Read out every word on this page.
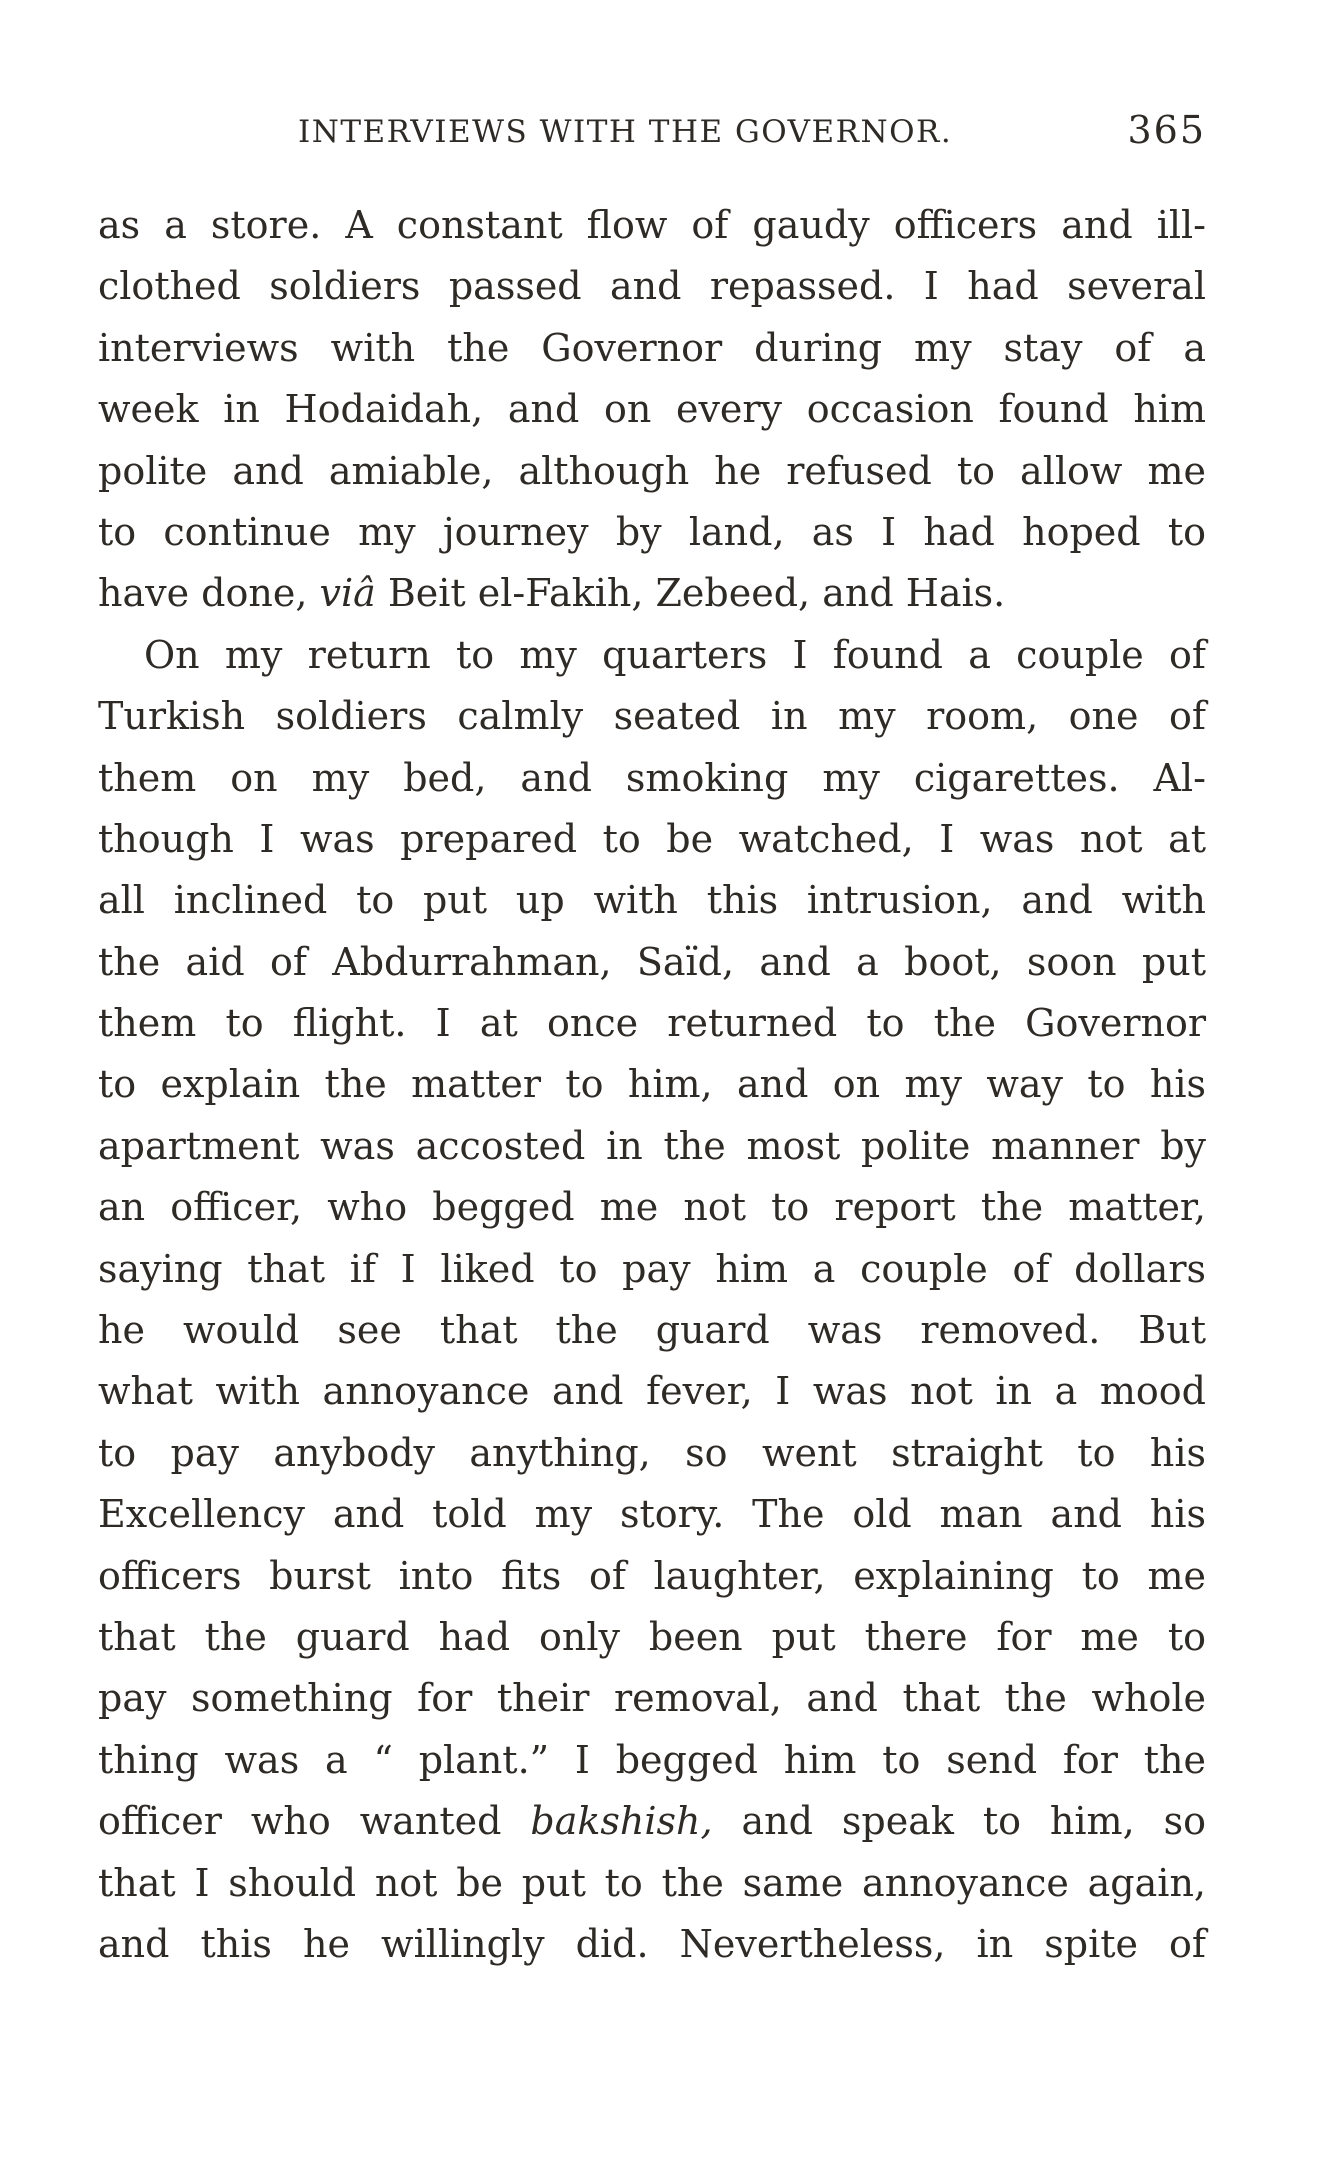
INTERVIEWS WITH THE GOVERNOR.	365
as a store. A constant flow of gaudy officers and ill-
clothed soldiers passed and repassed. I had several
interviews with the Governor during my stay of a
week in Hodaidah, and on every occasion found him
polite and amiable, although he refused to allow me
to continue my journey by land, as I had hoped to
have done, viâ Beit el-Fakih, Zebeed, and Hais.
On my return to my quarters I found a couple of
Turkish soldiers calmly seated in my room, one of
them on my bed, and smoking my cigarettes. Al-
though I was prepared to be watched, I was not at
all inclined to put up with this intrusion, and with
the aid of Abdurrahman, Saïd, and a boot, soon put
them to flight. I at once returned to the Governor
to explain the matter to him, and on my way to his
apartment was accosted in the most polite manner by
an officer, who begged me not to report the matter,
saying that if I liked to pay him a couple of dollars
he would see that the guard was removed. But
what with annoyance and fever, I was not in a mood
to pay anybody anything, so went straight to his
Excellency and told my story. The old man and his
officers burst into fits of laughter, explaining to me
that the guard had only been put there for me to
pay something for their removal, and that the whole
thing was a “ plant.” I begged him to send for the
officer who wanted bakshish, and speak to him, so
that I should not be put to the same annoyance again,
and this he willingly did. Nevertheless, in spite of
